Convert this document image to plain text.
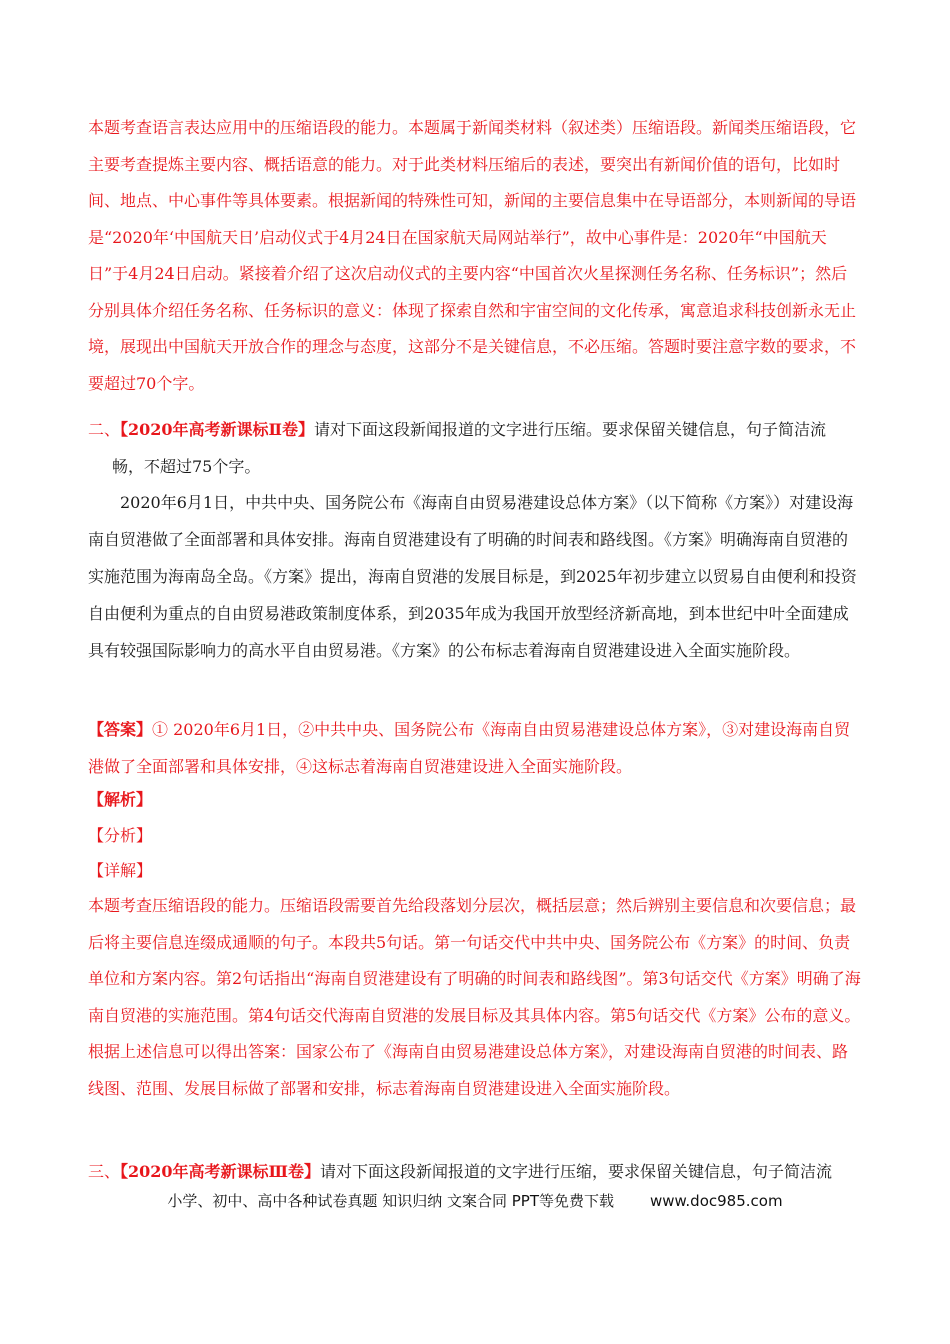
本题考查语言表达应用中的压缩语段的能力。本题属于新闻类材料（叙述类）压缩语段。新闻类压缩语段，它主要考查提炼主要内容、概括语意的能力。对于此类材料压缩后的表述，要突出有新闻价值的语句，比如时间、地点、中心事件等具体要素。根据新闻的特殊性可知，新闻的主要信息集中在导语部分，本则新闻的导语是“2020年‘中国航天日’启动仪式于4月24日在国家航天局网站举行”，故中心事件是：2020年“中国航天日”于4月24日启动。紧接着介绍了这次启动仪式的主要内容“中国首次火星探测任务名称、任务标识”；然后分别具体介绍任务名称、任务标识的意义：体现了探索自然和宇宙空间的文化传承，寓意追求科技创新永无止境，展现出中国航天开放合作的理念与态度，这部分不是关键信息，不必压缩。答题时要注意字数的要求，不要超过70个字。
二、【2020年高考新课标Ⅱ卷】请对下面这段新闻报道的文字进行压缩。要求保留关键信息，句子简洁流
畅，不超过75个字。
2020年6月1日，中共中央、国务院公布《海南自由贸易港建设总体方案》（以下简称《方案》）对建设海南自贸港做了全面部署和具体安排。海南自贸港建设有了明确的时间表和路线图。《方案》明确海南自贸港的实施范围为海南岛全岛。《方案》提出，海南自贸港的发展目标是，到2025年初步建立以贸易自由便利和投资自由便利为重点的自由贸易港政策制度体系，到2035年成为我国开放型经济新高地，到本世纪中叶全面建成具有较强国际影响力的高水平自由贸易港。《方案》的公布标志着海南自贸港建设进入全面实施阶段。
【答案】① 2020年6月1日，②中共中央、国务院公布《海南自由贸易港建设总体方案》，③对建设海南自贸港做了全面部署和具体安排，④这标志着海南自贸港建设进入全面实施阶段。
【解析】
【分析】
【详解】
本题考查压缩语段的能力。压缩语段需要首先给段落划分层次，概括层意；然后辨别主要信息和次要信息；最后将主要信息连缀成通顺的句子。本段共5句话。第一句话交代中共中央、国务院公布《方案》的时间、负责单位和方案内容。第2句话指出“海南自贸港建设有了明确的时间表和路线图”。第3句话交代《方案》明确了海南自贸港的实施范围。第4句话交代海南自贸港的发展目标及其具体内容。第5句话交代《方案》公布的意义。根据上述信息可以得出答案：国家公布了《海南自由贸易港建设总体方案》，对建设海南自贸港的时间表、路线图、范围、发展目标做了部署和安排，标志着海南自贸港建设进入全面实施阶段。
三、【2020年高考新课标Ⅲ卷】请对下面这段新闻报道的文字进行压缩，要求保留关键信息，句子简洁流
小学、初中、高中各种试卷真题 知识归纳 文案合同 PPT等免费下载 www.doc985.com
